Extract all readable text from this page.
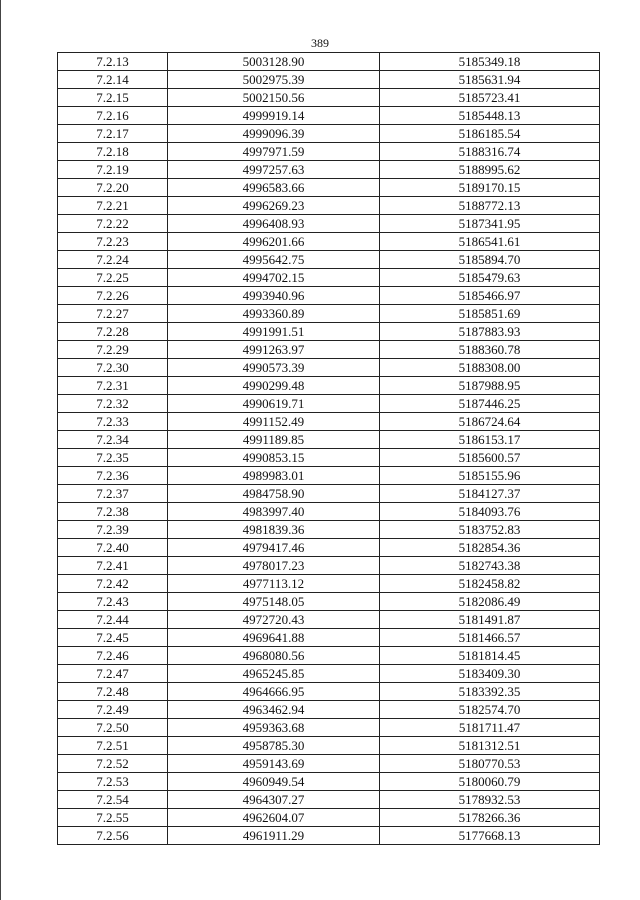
389
7.2.13	5003128.90	5185349.18
7.2.14	5002975.39	5185631.94
7.2.15	5002150.56	5185723.41
7.2.16	4999919.14	5185448.13
7.2.17	4999096.39	5186185.54
7.2.18	4997971.59	5188316.74
7.2.19	4997257.63	5188995.62
7.2.20	4996583.66	5189170.15
7.2.21	4996269.23	5188772.13
7.2.22	4996408.93	5187341.95
7.2.23	4996201.66	5186541.61
7.2.24	4995642.75	5185894.70
7.2.25	4994702.15	5185479.63
7.2.26	4993940.96	5185466.97
7.2.27	4993360.89	5185851.69
7.2.28	4991991.51	5187883.93
7.2.29	4991263.97	5188360.78
7.2.30	4990573.39	5188308.00
7.2.31	4990299.48	5187988.95
7.2.32	4990619.71	5187446.25
7.2.33	4991152.49	5186724.64
7.2.34	4991189.85	5186153.17
7.2.35	4990853.15	5185600.57
7.2.36	4989983.01	5185155.96
7.2.37	4984758.90	5184127.37
7.2.38	4983997.40	5184093.76
7.2.39	4981839.36	5183752.83
7.2.40	4979417.46	5182854.36
7.2.41	4978017.23	5182743.38
7.2.42	4977113.12	5182458.82
7.2.43	4975148.05	5182086.49
7.2.44	4972720.43	5181491.87
7.2.45	4969641.88	5181466.57
7.2.46	4968080.56	5181814.45
7.2.47	4965245.85	5183409.30
7.2.48	4964666.95	5183392.35
7.2.49	4963462.94	5182574.70
7.2.50	4959363.68	5181711.47
7.2.51	4958785.30	5181312.51
7.2.52	4959143.69	5180770.53
7.2.53	4960949.54	5180060.79
7.2.54	4964307.27	5178932.53
7.2.55	4962604.07	5178266.36
7.2.56	4961911.29	5177668.13
